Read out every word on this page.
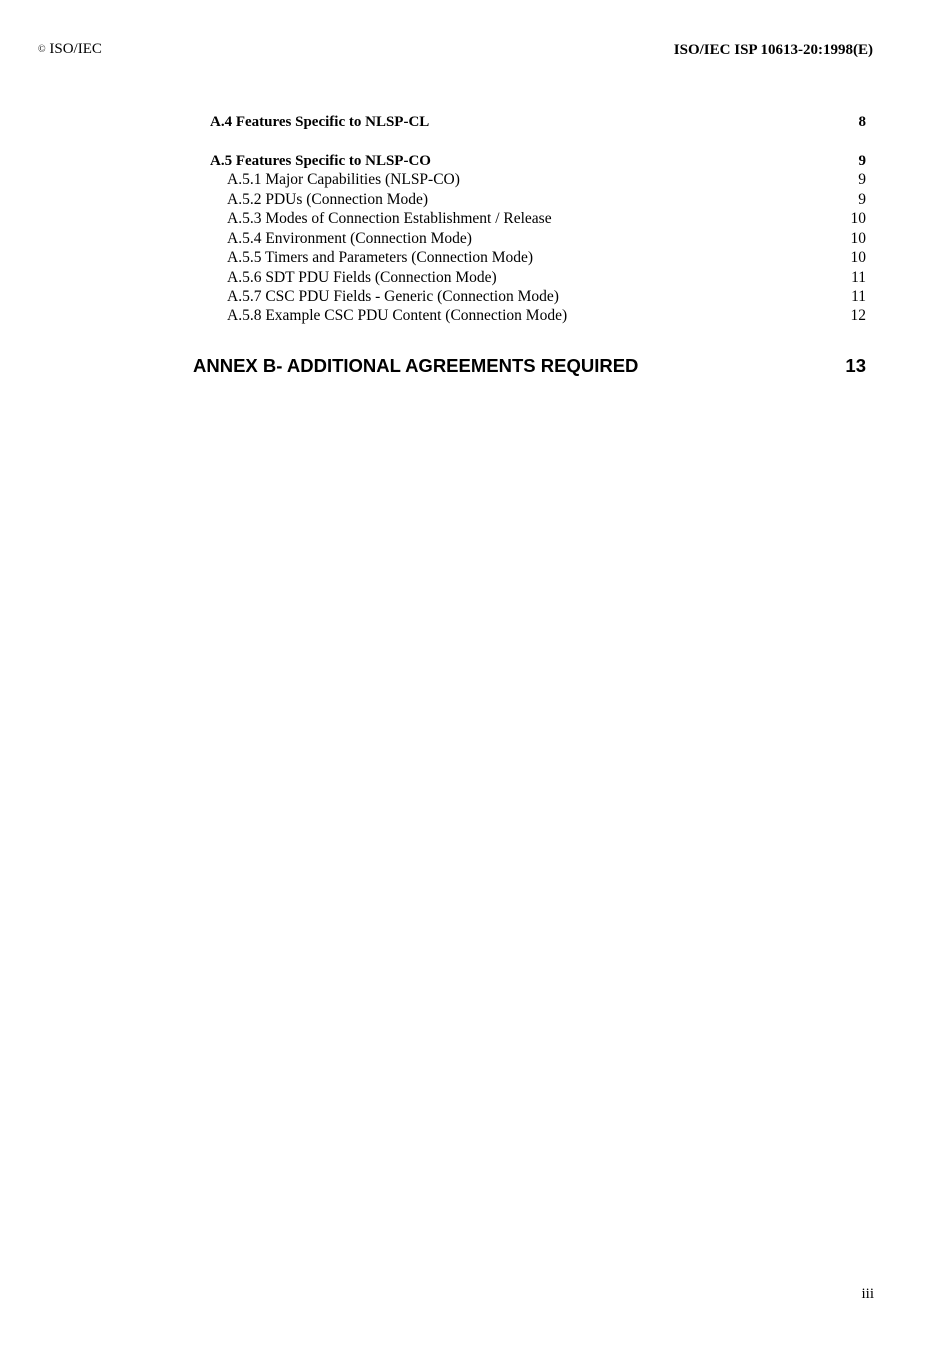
© ISO/IEC	ISO/IEC ISP 10613-20:1998(E)
A.4 Features Specific to NLSP-CL	8
A.5 Features Specific to NLSP-CO	9
A.5.1 Major Capabilities (NLSP-CO)	9
A.5.2 PDUs (Connection Mode)	9
A.5.3 Modes of Connection Establishment / Release	10
A.5.4 Environment (Connection Mode)	10
A.5.5 Timers and Parameters (Connection Mode)	10
A.5.6 SDT PDU Fields (Connection Mode)	11
A.5.7 CSC PDU Fields - Generic (Connection Mode)	11
A.5.8 Example CSC PDU Content (Connection Mode)	12
ANNEX B- ADDITIONAL AGREEMENTS REQUIRED	13
iii
